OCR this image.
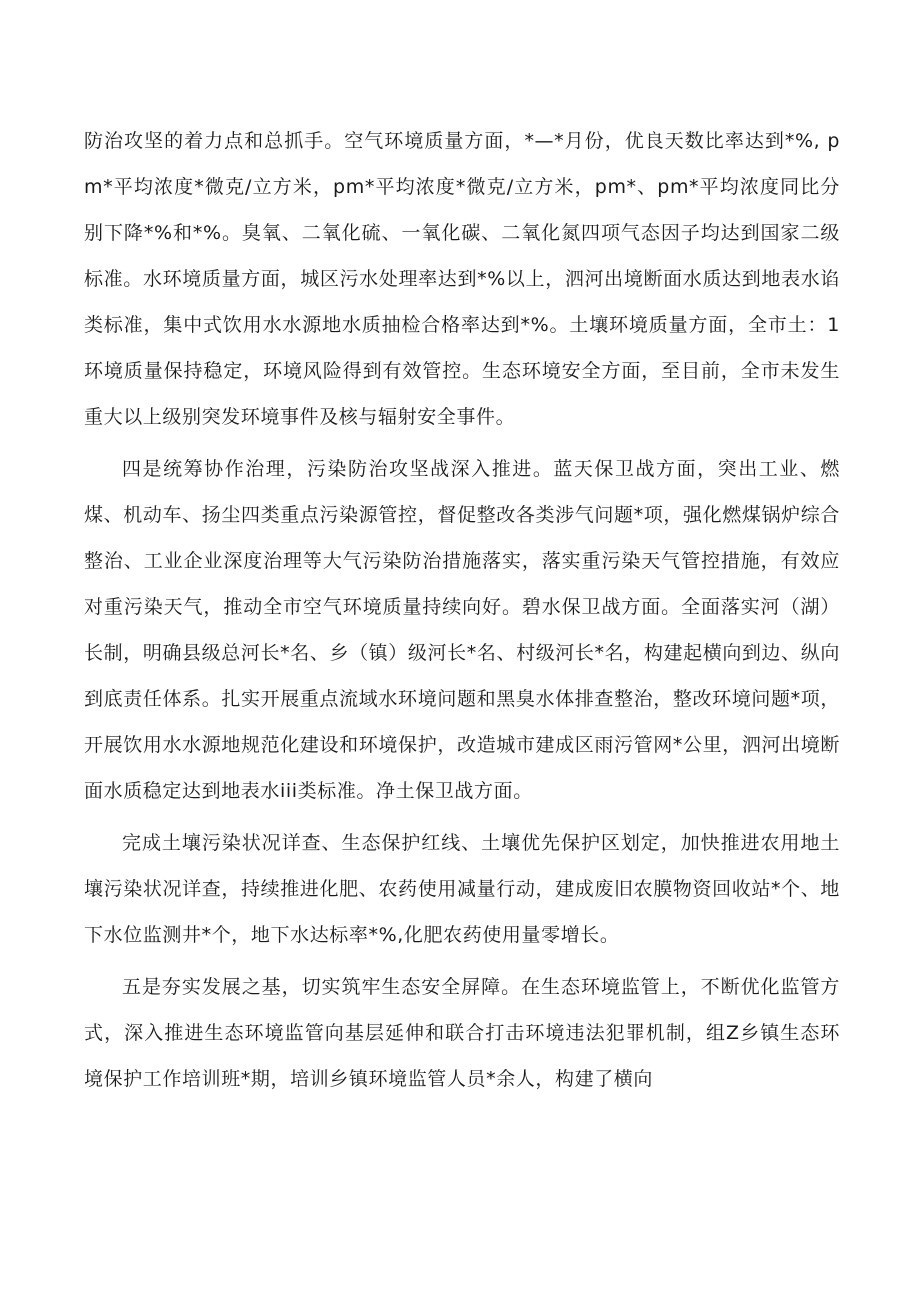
防治攻坚的着力点和总抓手。空气环境质量方面，*—*月份，优良天数比率达到*%, pm*平均浓度*微克/立方米，pm*平均浓度*微克/立方米，pm*、pm*平均浓度同比分别下降*%和*%。臭氧、二氧化硫、一氧化碳、二氧化氮四项气态因子均达到国家二级标准。水环境质量方面，城区污水处理率达到*%以上，泗河出境断面水质达到地表水谄类标准，集中式饮用水水源地水质抽检合格率达到*%。土壤环境质量方面，全市土：1环境质量保持稳定，环境风险得到有效管控。生态环境安全方面，至目前，全市未发生重大以上级别突发环境事件及核与辐射安全事件。

四是统筹协作治理，污染防治攻坚战深入推进。蓝天保卫战方面，突出工业、燃煤、机动车、扬尘四类重点污染源管控，督促整改各类涉气问题*项，强化燃煤锅炉综合整治、工业企业深度治理等大气污染防治措施落实，落实重污染天气管控措施，有效应对重污染天气，推动全市空气环境质量持续向好。碧水保卫战方面。全面落实河（湖）长制，明确县级总河长*名、乡（镇）级河长*名、村级河长*名，构建起横向到边、纵向到底责任体系。扎实开展重点流域水环境问题和黑臭水体排查整治，整改环境问题*项，开展饮用水水源地规范化建设和环境保护，改造城市建成区雨污管网*公里，泗河出境断面水质稳定达到地表水iii类标准。净土保卫战方面。

完成土壤污染状况详查、生态保护红线、土壤优先保护区划定，加快推进农用地土壤污染状况详查，持续推进化肥、农药使用减量行动，建成废旧农膜物资回收站*个、地下水位监测井*个，地下水达标率*%,化肥农药使用量零增长。

五是夯实发展之基，切实筑牢生态安全屏障。在生态环境监管上，不断优化监管方式，深入推进生态环境监管向基层延伸和联合打击环境违法犯罪机制，组Z乡镇生态环境保护工作培训班*期，培训乡镇环境监管人员*余人，构建了横向
